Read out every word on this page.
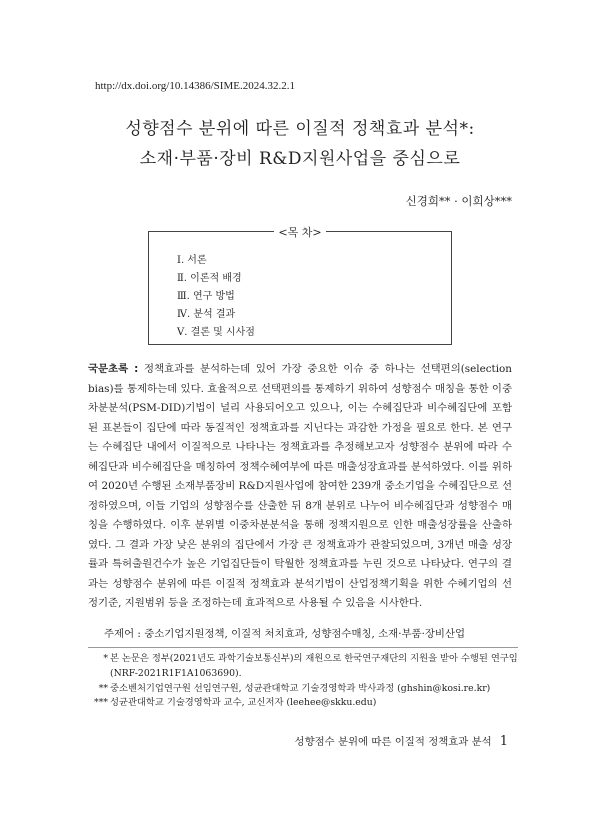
http://dx.doi.org/10.14386/SIME.2024.32.2.1
성향점수 분위에 따른 이질적 정책효과 분석*:
소재·부품·장비 R&D지원사업을 중심으로
신경희** · 이희상***
<목 차>
Ⅰ. 서론
Ⅱ. 이론적 배경
Ⅲ. 연구 방법
Ⅳ. 분석 결과
Ⅴ. 결론 및 시사점

국문초록 : 정책효과를 분석하는데 있어 가장 중요한 이슈 중 하나는 선택편의(selection bias)를 통제하는데 있다. 효율적으로 선택편의를 통제하기 위하여 성향점수 매칭을 통한 이중차분분석(PSM-DID)기법이 널리 사용되어오고 있으나, 이는 수혜집단과 비수혜집단에 포함된 표본들이 집단에 따라 동질적인 정책효과를 지닌다는 과감한 가정을 필요로 한다. 본 연구는 수혜집단 내에서 이질적으로 나타나는 정책효과를 추정해보고자 성향점수 분위에 따라 수혜집단과 비수혜집단을 매칭하여 정책수혜여부에 따른 매출성장효과를 분석하였다. 이를 위하여 2020년 수행된 소재부품장비 R&D지원사업에 참여한 239개 중소기업을 수혜집단으로 선정하였으며, 이들 기업의 성향점수를 산출한 뒤 8개 분위로 나누어 비수혜집단과 성향점수 매칭을 수행하였다. 이후 분위별 이중차분분석을 통해 정책지원으로 인한 매출성장률을 산출하였다. 그 결과 가장 낮은 분위의 집단에서 가장 큰 정책효과가 관찰되었으며, 3개년 매출 성장률과 특허출원건수가 높은 기업집단들이 탁월한 정책효과를 누린 것으로 나타났다. 연구의 결과는 성향점수 분위에 따른 이질적 정책효과 분석기법이 산업정책기획을 위한 수혜기업의 선정기준, 지원범위 등을 조정하는데 효과적으로 사용될 수 있음을 시사한다.

주제어 : 중소기업지원정책, 이질적 처치효과, 성향점수매칭, 소재·부품·장비산업

* 본 논문은 정부(2021년도 과학기술보통신부)의 재원으로 한국연구재단의 지원을 받아 수행된 연구임(NRF-2021R1F1A1063690).

** 중소벤처기업연구원 선임연구원, 성균관대학교 기술경영학과 박사과정 (ghshin@kosi.re.kr)

*** 성균관대학교 기술경영학과 교수, 교신저자 (leehee@skku.edu)

성향점수 분위에 따른 이질적 정책효과 분석 1
